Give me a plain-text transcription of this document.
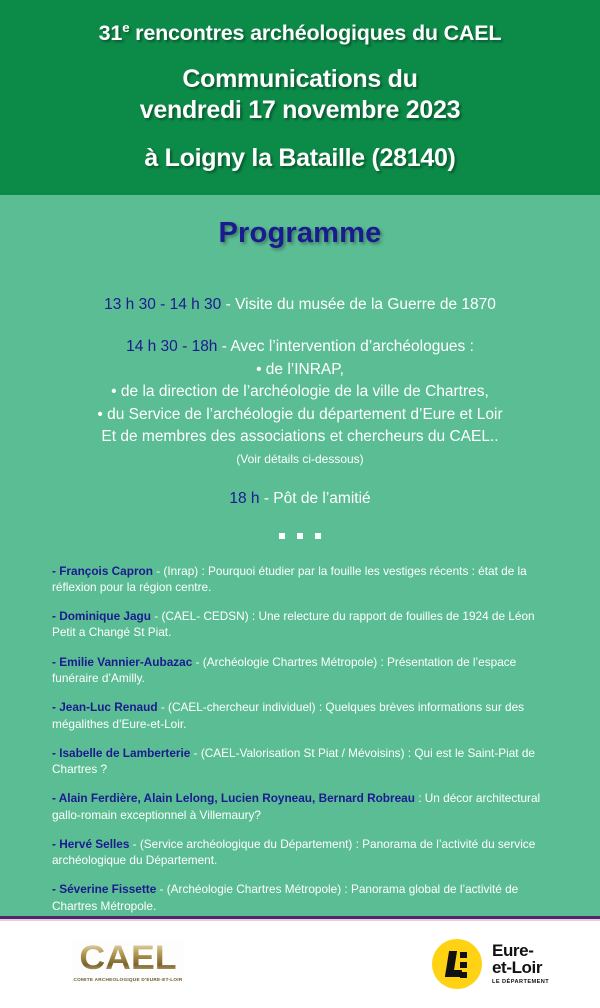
31e rencontres archéologiques du CAEL
Communications du
vendredi 17 novembre 2023
à Loigny la Bataille (28140)
Programme
13 h 30 - 14 h 30 - Visite du musée de la Guerre de 1870
14 h 30 - 18h - Avec l’intervention d’archéologues :
• de l’INRAP,
• de la direction de l’archéologie de la ville de Chartres,
• du Service de l’archéologie du département d’Eure et Loir
Et de membres des associations et chercheurs du CAEL..
(Voir détails ci-dessous)
18 h - Pôt de l’amitié
- François Capron - (Inrap) : Pourquoi étudier par la fouille les vestiges récents : état de la réflexion pour la région centre.
- Dominique Jagu - (CAEL- CEDSN) : Une relecture du rapport de fouilles de 1924 de Léon Petit a Changé St Piat.
- Emilie Vannier-Aubazac - (Archéologie Chartres Métropole) : Présentation de l’espace funéraire d’Amilly.
- Jean-Luc Renaud - (CAEL-chercheur individuel) : Quelques brèves informations sur des mégalithes d’Eure-et-Loir.
- Isabelle de Lamberterie - (CAEL-Valorisation St Piat / Mévoisins) : Qui est le Saint-Piat de Chartres ?
- Alain Ferdière, Alain Lelong, Lucien Royneau, Bernard Robreau : Un décor architectural gallo-romain exceptionnel à Villemaury?
- Hervé Selles - (Service archéologique du Département) : Panorama de l’activité du service archéologique du Département.
- Séverine Fissette - (Archéologie Chartres Métropole) : Panorama global de l’activité de Chartres Métropole.
CAEL
COMITE ARCHEOLOGIQUE D'EURE-ET-LOIR
Eure-
et-Loir
LE DÉPARTEMENT
